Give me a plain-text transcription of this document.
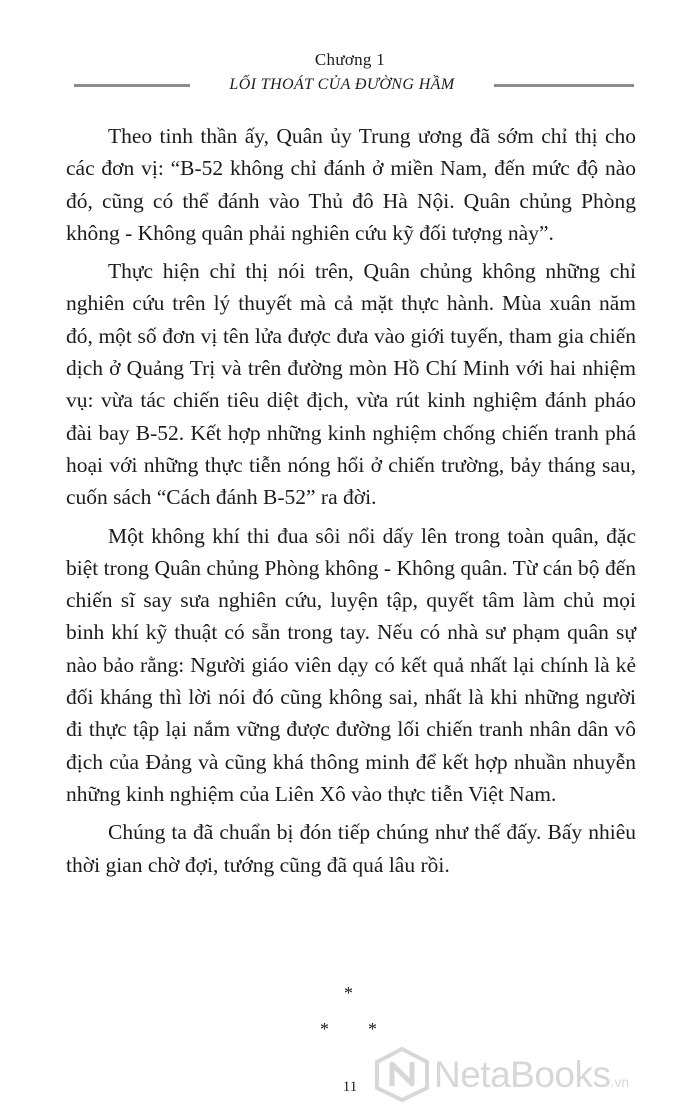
Chương 1
LỐI THOÁT CỦA ĐƯỜNG HẦM

Theo tinh thần ấy, Quân ủy Trung ương đã sớm chỉ thị cho các đơn vị: “B-52 không chỉ đánh ở miền Nam, đến mức độ nào đó, cũng có thể đánh vào Thủ đô Hà Nội. Quân chủng Phòng không - Không quân phải nghiên cứu kỹ đối tượng này”.

Thực hiện chỉ thị nói trên, Quân chủng không những chỉ nghiên cứu trên lý thuyết mà cả mặt thực hành. Mùa xuân năm đó, một số đơn vị tên lửa được đưa vào giới tuyến, tham gia chiến dịch ở Quảng Trị và trên đường mòn Hồ Chí Minh với hai nhiệm vụ: vừa tác chiến tiêu diệt địch, vừa rút kinh nghiệm đánh pháo đài bay B-52. Kết hợp những kinh nghiệm chống chiến tranh phá hoại với những thực tiễn nóng hổi ở chiến trường, bảy tháng sau, cuốn sách “Cách đánh B-52” ra đời.

Một không khí thi đua sôi nổi dấy lên trong toàn quân, đặc biệt trong Quân chủng Phòng không - Không quân. Từ cán bộ đến chiến sĩ say sưa nghiên cứu, luyện tập, quyết tâm làm chủ mọi binh khí kỹ thuật có sẵn trong tay. Nếu có nhà sư phạm quân sự nào bảo rằng: Người giáo viên dạy có kết quả nhất lại chính là kẻ đối kháng thì lời nói đó cũng không sai, nhất là khi những người đi thực tập lại nắm vững được đường lối chiến tranh nhân dân vô địch của Đảng và cũng khá thông minh để kết hợp nhuần nhuyễn những kinh nghiệm của Liên Xô vào thực tiễn Việt Nam.

Chúng ta đã chuẩn bị đón tiếp chúng như thế đấy. Bấy nhiêu thời gian chờ đợi, tướng cũng đã quá lâu rồi.

*
* *
11	NetaBooks.vn
